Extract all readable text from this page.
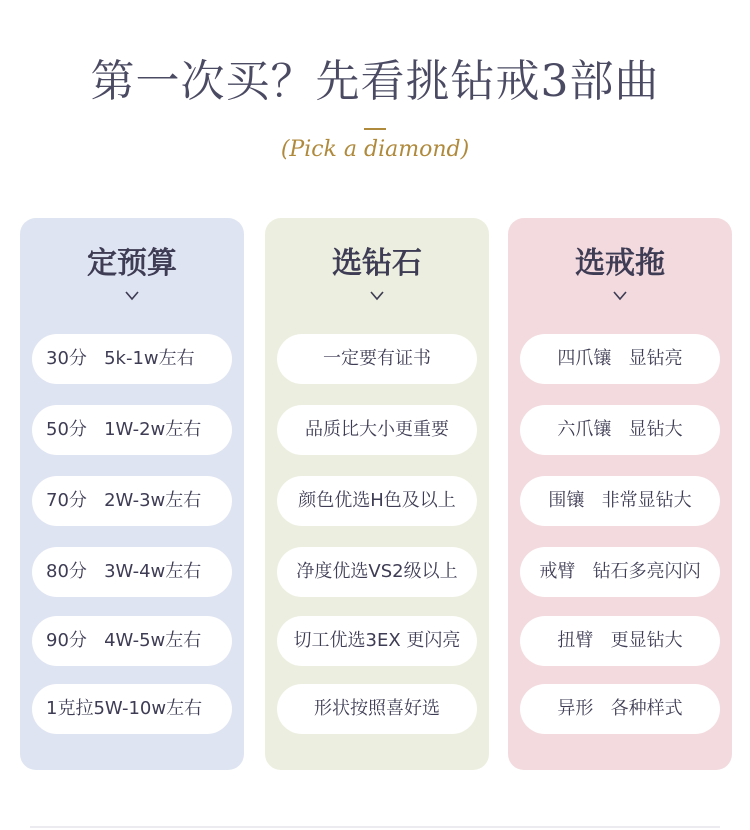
第一次买？先看挑钻戒3部曲
(Pick a diamond)
定预算
30分   5k-1w左右
50分   1W-2w左右
70分   2W-3w左右
80分   3W-4w左右
90分   4W-5w左右
1克拉5W-10w左右
选钻石
一定要有证书
品质比大小更重要
颜色优选H色及以上
净度优选VS2级以上
切工优选3EX 更闪亮
形状按照喜好选
选戒拖
四爪镶   显钻亮
六爪镶   显钻大
围镶   非常显钻大
戒臂   钻石多亮闪闪
扭臂   更显钻大
异形   各种样式
